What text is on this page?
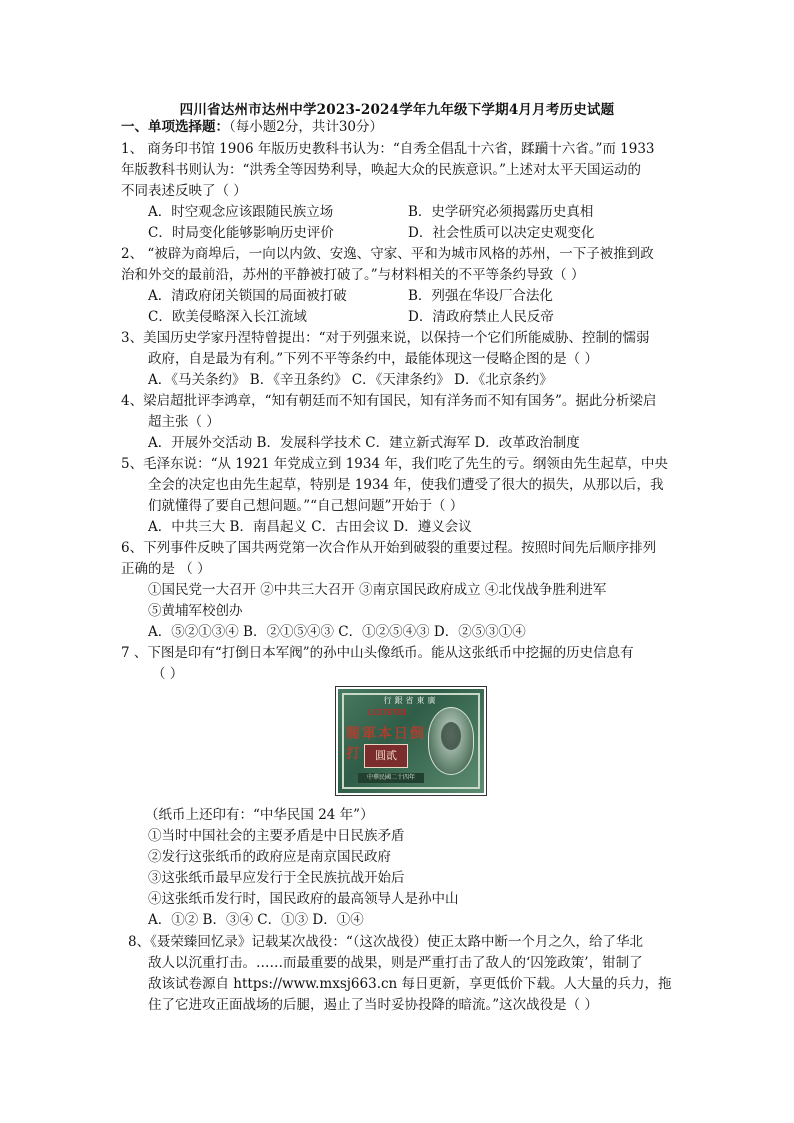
四川省达州市达州中学2023-2024学年九年级下学期4月月考历史试题
一、单项选择题：（每小题2分，共计30分）
1、 商务印书馆 1906 年版历史教科书认为：“自秀全倡乱十六省，蹂躏十六省。”而 1933
年版教科书则认为：“洪秀全等因势利导，唤起大众的民族意识。”上述对太平天国运动的
不同表述反映了（ ）
A．时空观念应该跟随民族立场	B．史学研究必须揭露历史真相
C．时局变化能够影响历史评价	D．社会性质可以决定史观变化
2、 “被辟为商埠后，一向以内敛、安逸、守家、平和为城市风格的苏州，一下子被推到政
治和外交的最前沿，苏州的平静被打破了。”与材料相关的不平等条约导致（ ）
A．清政府闭关锁国的局面被打破	B．列强在华设厂合法化
C．欧美侵略深入长江流域	D．清政府禁止人民反帝
3、美国历史学家丹涅特曾提出：“对于列强来说，以保持一个它们所能威胁、控制的懦弱
政府，自是最为有利。”下列不平等条约中，最能体现这一侵略企图的是（ ）
A．《马关条约》 B．《辛丑条约》 C．《天津条约》 D．《北京条约》
4、梁启超批评李鸿章，“知有朝廷而不知有国民，知有洋务而不知有国务”。据此分析梁启
超主张（ ）
A．开展外交活动 B．发展科学技术 C．建立新式海军 D．改革政治制度
5、毛泽东说：“从 1921 年党成立到 1934 年，我们吃了先生的亏。纲领由先生起草，中央
全会的决定也由先生起草，特别是 1934 年，使我们遭受了很大的损失，从那以后，我
们就懂得了要自己想问题。”“自己想问题”开始于（ ）
A．中共三大 B．南昌起义 C．古田会议 D．遵义会议
6、下列事件反映了国共两党第一次合作从开始到破裂的重要过程。按照时间先后顺序排列
正确的是 （ ）
①国民党一大召开 ②中共三大召开 ③南京国民政府成立 ④北伐战争胜利进军
⑤黄埔军校创办
A．⑤②①③④ B．②①⑤④③ C．①②⑤④③ D．②⑤③①④
7 、下图是印有“打倒日本军阀”的孙中山头像纸币。能从这张纸币中挖掘的历史信息有
（ ）
行銀省東廣
LC378783
閥軍本日倒打	圓貳
中華民國二十四年
（纸币上还印有：“中华民国 24 年”）
①当时中国社会的主要矛盾是中日民族矛盾
②发行这张纸币的政府应是南京国民政府
③这张纸币最早应发行于全民族抗战开始后
④这张纸币发行时，国民政府的最高领导人是孙中山
A．①② B．③④ C．①③ D．①④
8、《聂荣臻回忆录》记载某次战役：“（这次战役）使正太路中断一个月之久，给了华北
敌人以沉重打击。……而最重要的战果，则是严重打击了敌人的‘囚笼政策’，钳制了
敌该试卷源自 https://www.mxsj663.cn 每日更新，享更低价下载。人大量的兵力，拖
住了它进攻正面战场的后腿，遏止了当时妥协投降的暗流。”这次战役是（ ）
